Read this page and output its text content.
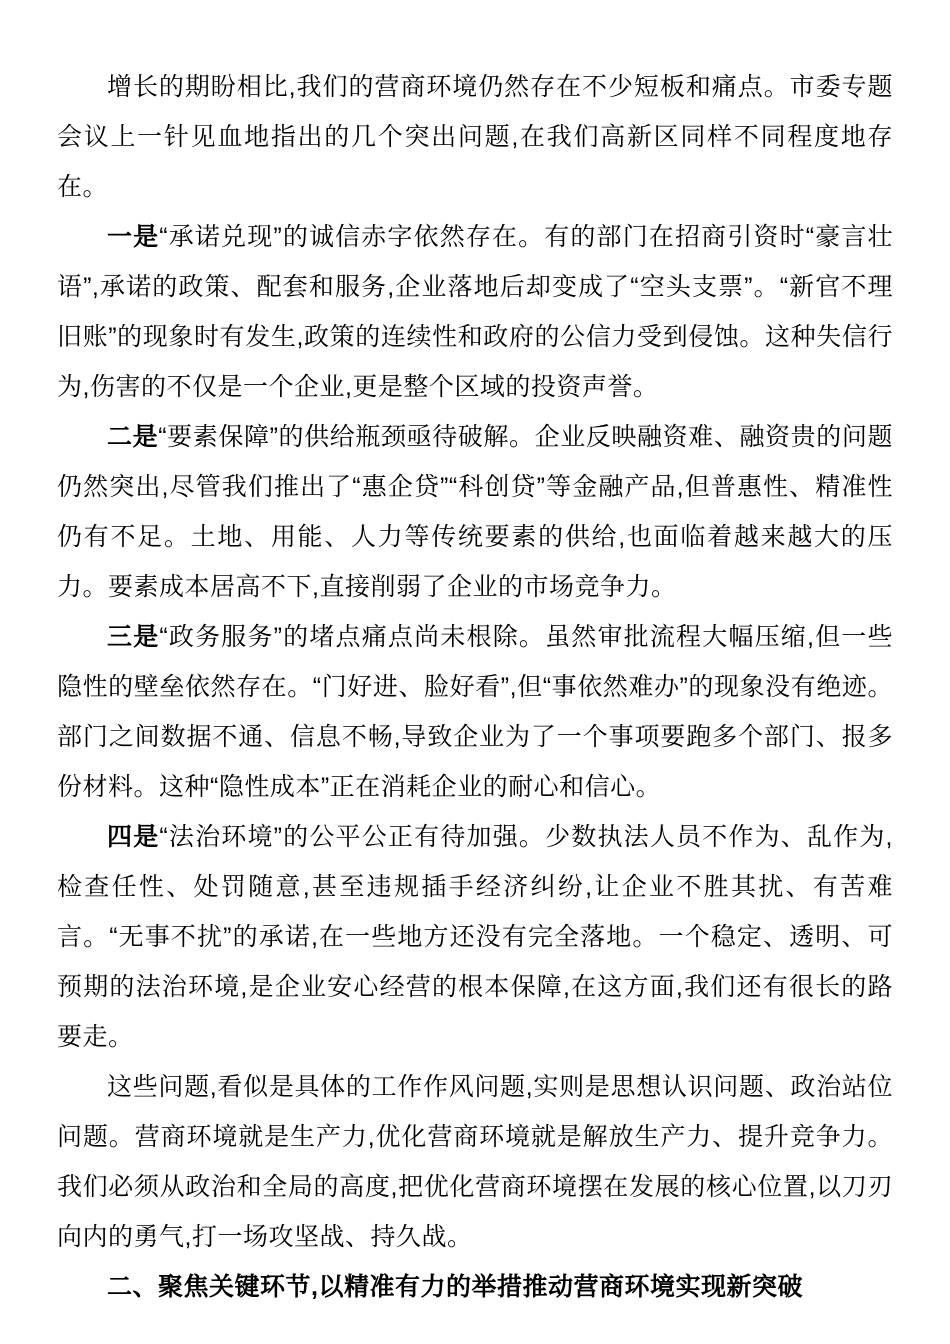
增长的期盼相比,我们的营商环境仍然存在不少短板和痛点。市委专题会议上一针见血地指出的几个突出问题,在我们高新区同样不同程度地存在。

一是“承诺兑现”的诚信赤字依然存在。有的部门在招商引资时“豪言壮语”,承诺的政策、配套和服务,企业落地后却变成了“空头支票”。“新官不理旧账”的现象时有发生,政策的连续性和政府的公信力受到侵蚀。这种失信行为,伤害的不仅是一个企业,更是整个区域的投资声誉。

二是“要素保障”的供给瓶颈亟待破解。企业反映融资难、融资贵的问题仍然突出,尽管我们推出了“惠企贷”“科创贷”等金融产品,但普惠性、精准性仍有不足。土地、用能、人力等传统要素的供给,也面临着越来越大的压力。要素成本居高不下,直接削弱了企业的市场竞争力。

三是“政务服务”的堵点痛点尚未根除。虽然审批流程大幅压缩,但一些隐性的壁垒依然存在。“门好进、脸好看”,但“事依然难办”的现象没有绝迹。部门之间数据不通、信息不畅,导致企业为了一个事项要跑多个部门、报多份材料。这种“隐性成本”正在消耗企业的耐心和信心。

四是“法治环境”的公平公正有待加强。少数执法人员不作为、乱作为,检查任性、处罚随意,甚至违规插手经济纠纷,让企业不胜其扰、有苦难言。“无事不扰”的承诺,在一些地方还没有完全落地。一个稳定、透明、可预期的法治环境,是企业安心经营的根本保障,在这方面,我们还有很长的路要走。

这些问题,看似是具体的工作作风问题,实则是思想认识问题、政治站位问题。营商环境就是生产力,优化营商环境就是解放生产力、提升竞争力。我们必须从政治和全局的高度,把优化营商环境摆在发展的核心位置,以刀刃向内的勇气,打一场攻坚战、持久战。

二、聚焦关键环节,以精准有力的举措推动营商环境实现新突破
